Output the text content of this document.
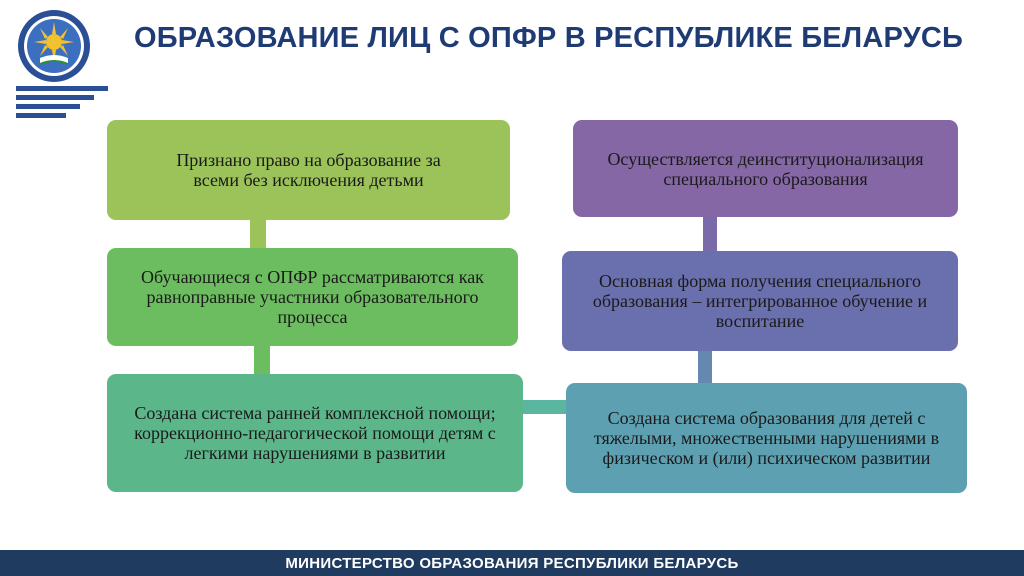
ОБРАЗОВАНИЕ ЛИЦ С ОПФР В РЕСПУБЛИКЕ БЕЛАРУСЬ
Признано право на образование за всеми без исключения детьми
Обучающиеся с ОПФР рассматриваются как равноправные участники образовательного процесса
Создана система ранней комплексной помощи; коррекционно-педагогической помощи детям с легкими нарушениями в развитии
Осуществляется деинституционализация специального образования
Основная форма получения специального образования – интегрированное обучение и воспитание
Создана система образования для детей с тяжелыми, множественными нарушениями в физическом и (или) психическом развитии
МИНИСТЕРСТВО ОБРАЗОВАНИЯ РЕСПУБЛИКИ БЕЛАРУСЬ
